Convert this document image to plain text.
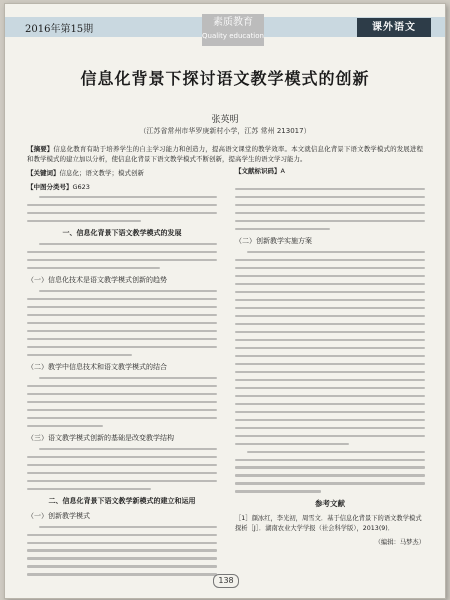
2016年第15期
素质教育
Quality education
课外语文
信息化背景下探讨语文教学模式的创新
张英明
（江苏省常州市华罗庚新村小学，江苏 常州 213017）
【摘要】信息化教育有助于培养学生的自主学习能力和创造力，提高语文课堂的教学效率。本文就信息化背景下语文教学模式的发展进程和教学模式的建立加以分析，使信息化背景下语文教学模式不断创新，提高学生的语文学习能力。
【关键词】信息化；语文教学；模式创新
【中图分类号】G623
【文献标识码】A
一、信息化背景下语文教学模式的发展
（一）信息化技术是语文教学模式创新的趋势
（二）教学中信息技术和语文教学模式的结合
（三）语文教学模式创新的基础是改变教学结构
二、信息化背景下语文教学新模式的建立和运用
（一）创新教学模式
（二）创新教学实施方案
参考文献
［1］颜冰红，李光初，周雪文．基于信息化背景下的语文教学模式探析［J］．湖南农业大学学报（社会科学版），2013(9)．
（编辑：马梦杰）
138
